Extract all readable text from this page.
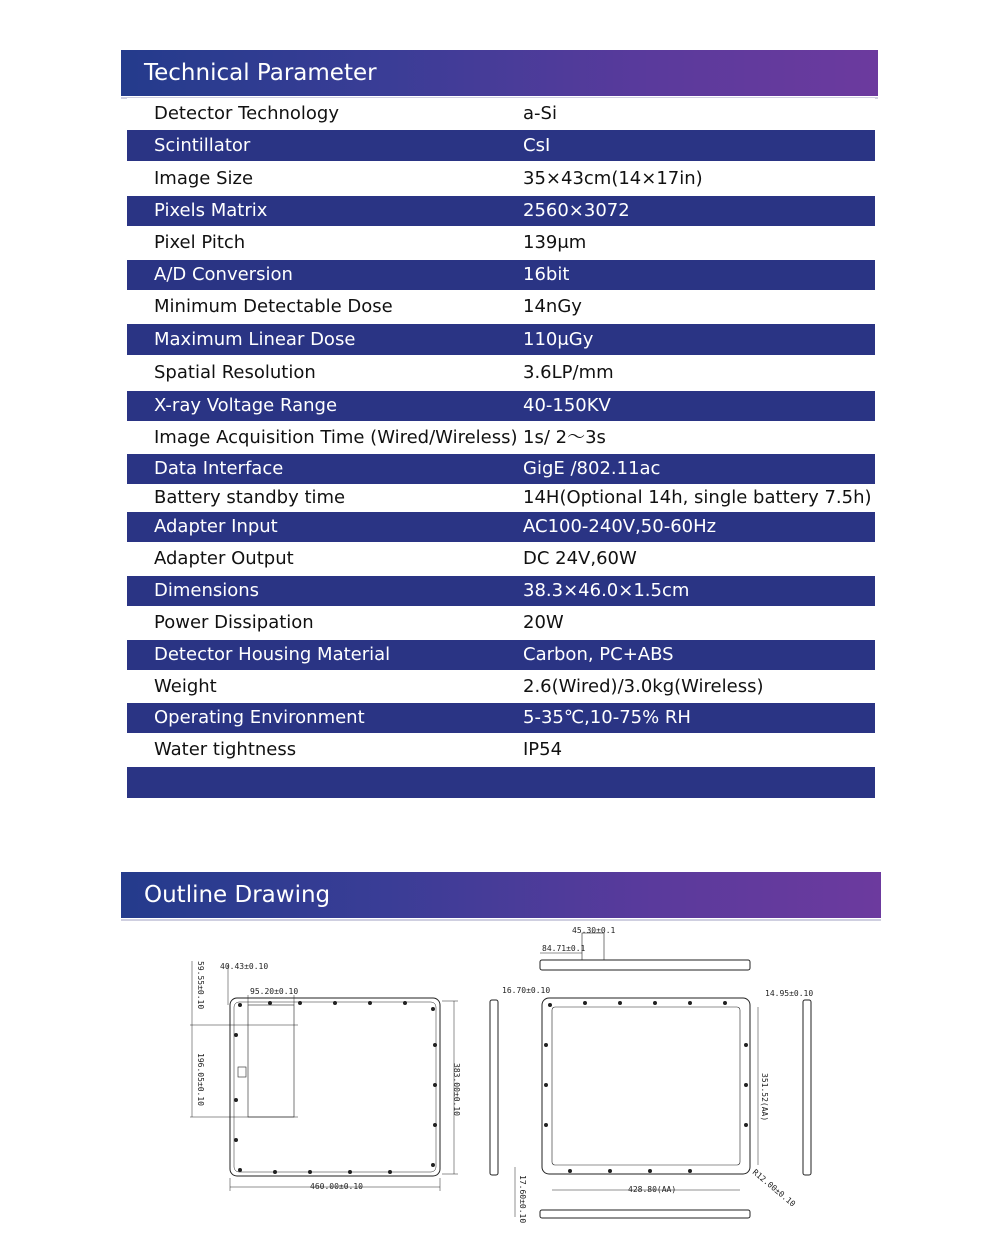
Technical Parameter
Detector Technology	a-Si
Scintillator	CsI
Image Size	35×43cm(14×17in)
Pixels Matrix	2560×3072
Pixel Pitch	139μm
A/D Conversion	16bit
Minimum Detectable Dose	14nGy
Maximum Linear Dose	110μGy
Spatial Resolution	3.6LP/mm
X-ray Voltage Range	40-150KV
Image Acquisition Time (Wired/Wireless) 1s/ 2～3s
Data Interface	GigE /802.11ac
Battery standby time	14H(Optional 14h, single battery 7.5h)
Adapter Input	AC100-240V,50-60Hz
Adapter Output	DC 24V,60W
Dimensions	38.3×46.0×1.5cm
Power Dissipation	20W
Detector Housing Material	Carbon, PC+ABS
Weight	2.6(Wired)/3.0kg(Wireless)
Operating Environment	5-35℃,10-75% RH
Water tightness	IP54
Outline Drawing
40.43±0.10
95.20±0.10
59.55±0.10
196.05±0.10	383.00±0.10
460.00±0.10
45.30±0.1
84.71±0.1
16.70±0.10	14.95±0.10
351.52(AA)
428.80(AA)
17.60±0.10	R12.00±0.10
